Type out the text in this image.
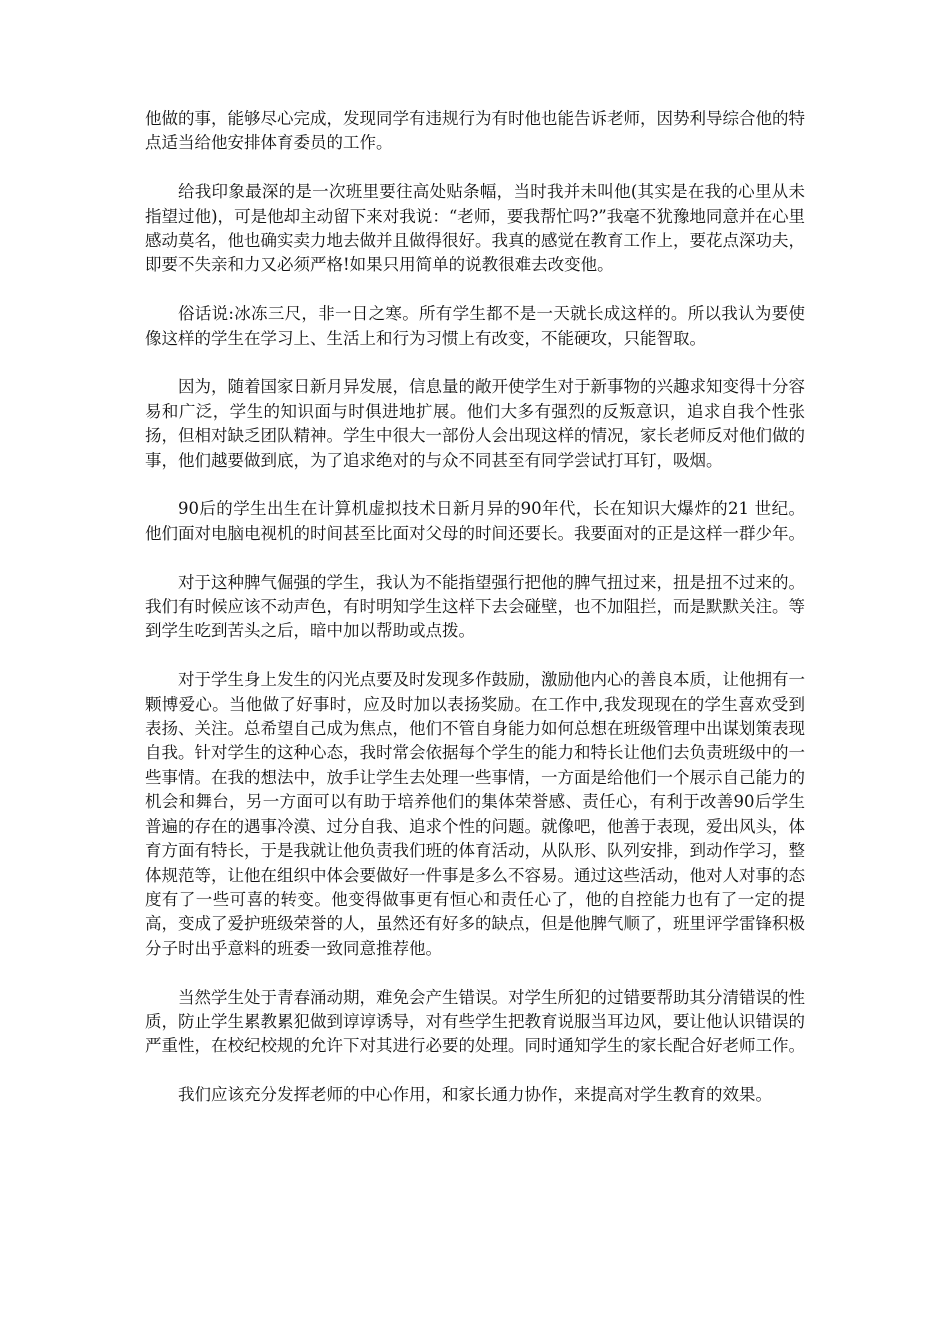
他做的事，能够尽心完成，发现同学有违规行为有时他也能告诉老师，因势利导综合他的特点适当给他安排体育委员的工作。

给我印象最深的是一次班里要往高处贴条幅，当时我并未叫他(其实是在我的心里从未指望过他)，可是他却主动留下来对我说：“老师，要我帮忙吗?”我毫不犹豫地同意并在心里感动莫名，他也确实卖力地去做并且做得很好。我真的感觉在教育工作上，要花点深功夫，即要不失亲和力又必须严格!如果只用简单的说教很难去改变他。

俗话说:冰冻三尺，非一日之寒。所有学生都不是一天就长成这样的。所以我认为要使像这样的学生在学习上、生活上和行为习惯上有改变，不能硬攻，只能智取。

因为，随着国家日新月异发展，信息量的敞开使学生对于新事物的兴趣求知变得十分容易和广泛，学生的知识面与时俱进地扩展。他们大多有强烈的反叛意识，追求自我个性张扬，但相对缺乏团队精神。学生中很大一部份人会出现这样的情况，家长老师反对他们做的事，他们越要做到底，为了追求绝对的与众不同甚至有同学尝试打耳钉，吸烟。

90后的学生出生在计算机虚拟技术日新月异的90年代，长在知识大爆炸的21 世纪。他们面对电脑电视机的时间甚至比面对父母的时间还要长。我要面对的正是这样一群少年。

对于这种脾气倔强的学生，我认为不能指望强行把他的脾气扭过来，扭是扭不过来的。我们有时候应该不动声色，有时明知学生这样下去会碰壁，也不加阻拦，而是默默关注。等到学生吃到苦头之后，暗中加以帮助或点拨。

对于学生身上发生的闪光点要及时发现多作鼓励，激励他内心的善良本质，让他拥有一颗博爱心。当他做了好事时，应及时加以表扬奖励。在工作中,我发现现在的学生喜欢受到表扬、关注。总希望自己成为焦点，他们不管自身能力如何总想在班级管理中出谋划策表现自我。针对学生的这种心态，我时常会依据每个学生的能力和特长让他们去负责班级中的一些事情。在我的想法中，放手让学生去处理一些事情，一方面是给他们一个展示自己能力的机会和舞台，另一方面可以有助于培养他们的集体荣誉感、责任心，有利于改善90后学生普遍的存在的遇事冷漠、过分自我、追求个性的问题。就像吧，他善于表现，爱出风头，体育方面有特长，于是我就让他负责我们班的体育活动，从队形、队列安排，到动作学习，整体规范等，让他在组织中体会要做好一件事是多么不容易。通过这些活动，他对人对事的态度有了一些可喜的转变。他变得做事更有恒心和责任心了，他的自控能力也有了一定的提高，变成了爱护班级荣誉的人，虽然还有好多的缺点，但是他脾气顺了，班里评学雷锋积极分子时出乎意料的班委一致同意推荐他。

当然学生处于青春涌动期，难免会产生错误。对学生所犯的过错要帮助其分清错误的性质，防止学生累教累犯做到谆谆诱导，对有些学生把教育说服当耳边风，要让他认识错误的严重性，在校纪校规的允许下对其进行必要的处理。同时通知学生的家长配合好老师工作。

我们应该充分发挥老师的中心作用，和家长通力协作，来提高对学生教育的效果。
